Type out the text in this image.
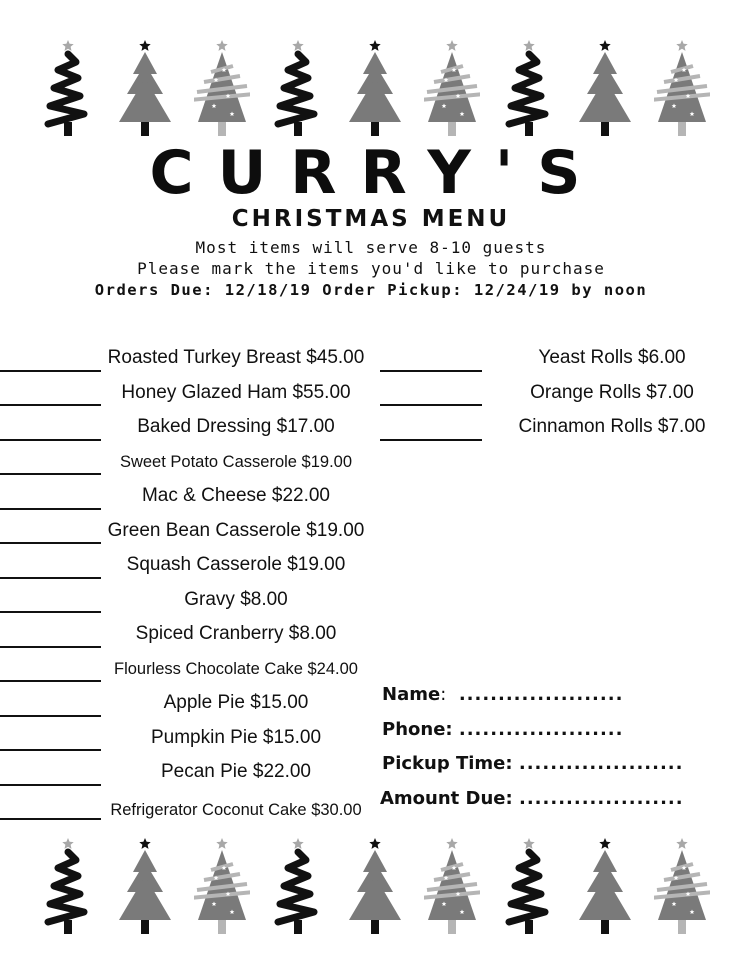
CURRY'S
CHRISTMAS MENU
Most items will serve 8-10 guests
Please mark the items you'd like to purchase
Orders Due: 12/18/19 Order Pickup: 12/24/19 by noon
Roasted Turkey Breast $45.00
Honey Glazed Ham $55.00
Baked Dressing $17.00
Sweet Potato Casserole $19.00
Mac & Cheese $22.00
Green Bean Casserole $19.00
Squash Casserole $19.00
Gravy $8.00
Spiced Cranberry $8.00
Flourless Chocolate Cake $24.00
Apple Pie $15.00
Pumpkin Pie $15.00
Pecan Pie $22.00
Refrigerator Coconut Cake $30.00
Yeast Rolls $6.00
Orange Rolls $7.00
Cinnamon Rolls $7.00
Name: .....................
Phone: .....................
Pickup Time: .....................
Amount Due: .....................
